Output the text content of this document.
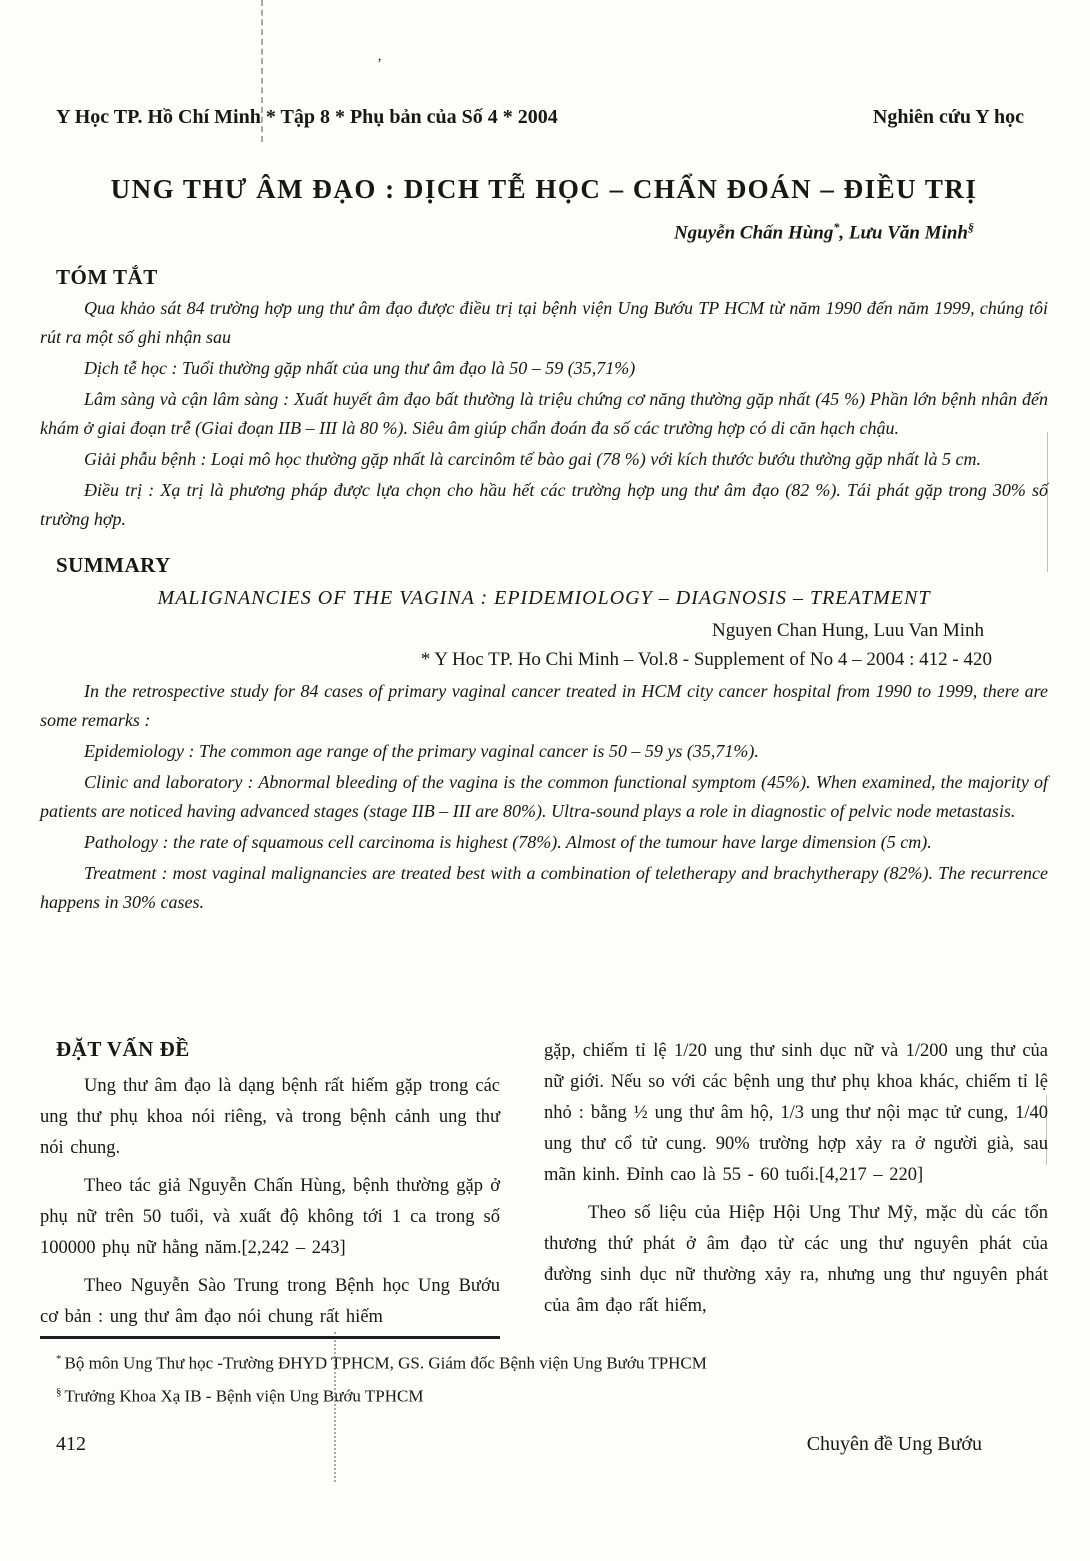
’
Y Học TP. Hồ Chí Minh * Tập 8 * Phụ bản của Số 4 * 2004	Nghiên cứu Y học
UNG THƯ ÂM ĐẠO : DỊCH TỄ HỌC – CHẨN ĐOÁN – ĐIỀU TRỊ
Nguyễn Chấn Hùng*, Lưu Văn Minh§
TÓM TẮT

Qua khảo sát 84 trường hợp ung thư âm đạo được điều trị tại bệnh viện Ung Bướu TP HCM từ năm 1990 đến năm 1999, chúng tôi rút ra một số ghi nhận sau

Dịch tễ học : Tuổi thường gặp nhất của ung thư âm đạo là 50 – 59 (35,71%)

Lâm sàng và cận lâm sàng : Xuất huyết âm đạo bất thường là triệu chứng cơ năng thường gặp nhất (45 %) Phần lớn bệnh nhân đến khám ở giai đoạn trễ (Giai đoạn IIB – III là 80 %). Siêu âm giúp chẩn đoán đa số các trường hợp có di căn hạch chậu.

Giải phẫu bệnh : Loại mô học thường gặp nhất là carcinôm tế bào gai (78 %) với kích thước bướu thường gặp nhất là 5 cm.

Điều trị : Xạ trị là phương pháp được lựa chọn cho hầu hết các trường hợp ung thư âm đạo (82 %). Tái phát gặp trong 30% số trường hợp.

SUMMARY
MALIGNANCIES OF THE VAGINA : EPIDEMIOLOGY – DIAGNOSIS – TREATMENT
Nguyen Chan Hung, Luu Van Minh
* Y Hoc TP. Ho Chi Minh – Vol.8 - Supplement of No 4 – 2004 : 412 - 420

In the retrospective study for 84 cases of primary vaginal cancer treated in HCM city cancer hospital from 1990 to 1999, there are some remarks :

Epidemiology : The common age range of the primary vaginal cancer is 50 – 59 ys (35,71%).

Clinic and laboratory : Abnormal bleeding of the vagina is the common functional symptom (45%). When examined, the majority of patients are noticed having advanced stages (stage IIB – III are 80%). Ultra-sound plays a role in diagnostic of pelvic node metastasis.

Pathology : the rate of squamous cell carcinoma is highest (78%). Almost of the tumour have large dimension (5 cm).

Treatment : most vaginal malignancies are treated best with a combination of teletherapy and brachytherapy (82%). The recurrence happens in 30% cases.

ĐẶT VẤN ĐỀ

Ung thư âm đạo là dạng bệnh rất hiếm gặp trong các ung thư phụ khoa nói riêng, và trong bệnh cảnh ung thư nói chung.

Theo tác giả Nguyễn Chấn Hùng, bệnh thường gặp ở phụ nữ trên 50 tuổi, và xuất độ không tới 1 ca trong số 100000 phụ nữ hằng năm.[2,242 – 243]

Theo Nguyễn Sào Trung trong Bệnh học Ung Bướu cơ bản : ung thư âm đạo nói chung rất hiếm

gặp, chiếm tỉ lệ 1/20 ung thư sinh dục nữ và 1/200 ung thư của nữ giới. Nếu so với các bệnh ung thư phụ khoa khác, chiếm tỉ lệ nhỏ : bằng ½ ung thư âm hộ, 1/3 ung thư nội mạc tử cung, 1/40 ung thư cổ tử cung. 90% trường hợp xảy ra ở người già, sau mãn kinh. Đỉnh cao là 55 - 60 tuổi.[4,217 – 220]

Theo số liệu của Hiệp Hội Ung Thư Mỹ, mặc dù các tổn thương thứ phát ở âm đạo từ các ung thư nguyên phát của đường sinh dục nữ thường xảy ra, nhưng ung thư nguyên phát của âm đạo rất hiếm,

* Bộ môn Ung Thư học -Trường ĐHYD TPHCM, GS. Giám đốc Bệnh viện Ung Bướu TPHCM
§ Trưởng Khoa Xạ IB - Bệnh viện Ung Bướu TPHCM
412	Chuyên đề Ung Bướu
